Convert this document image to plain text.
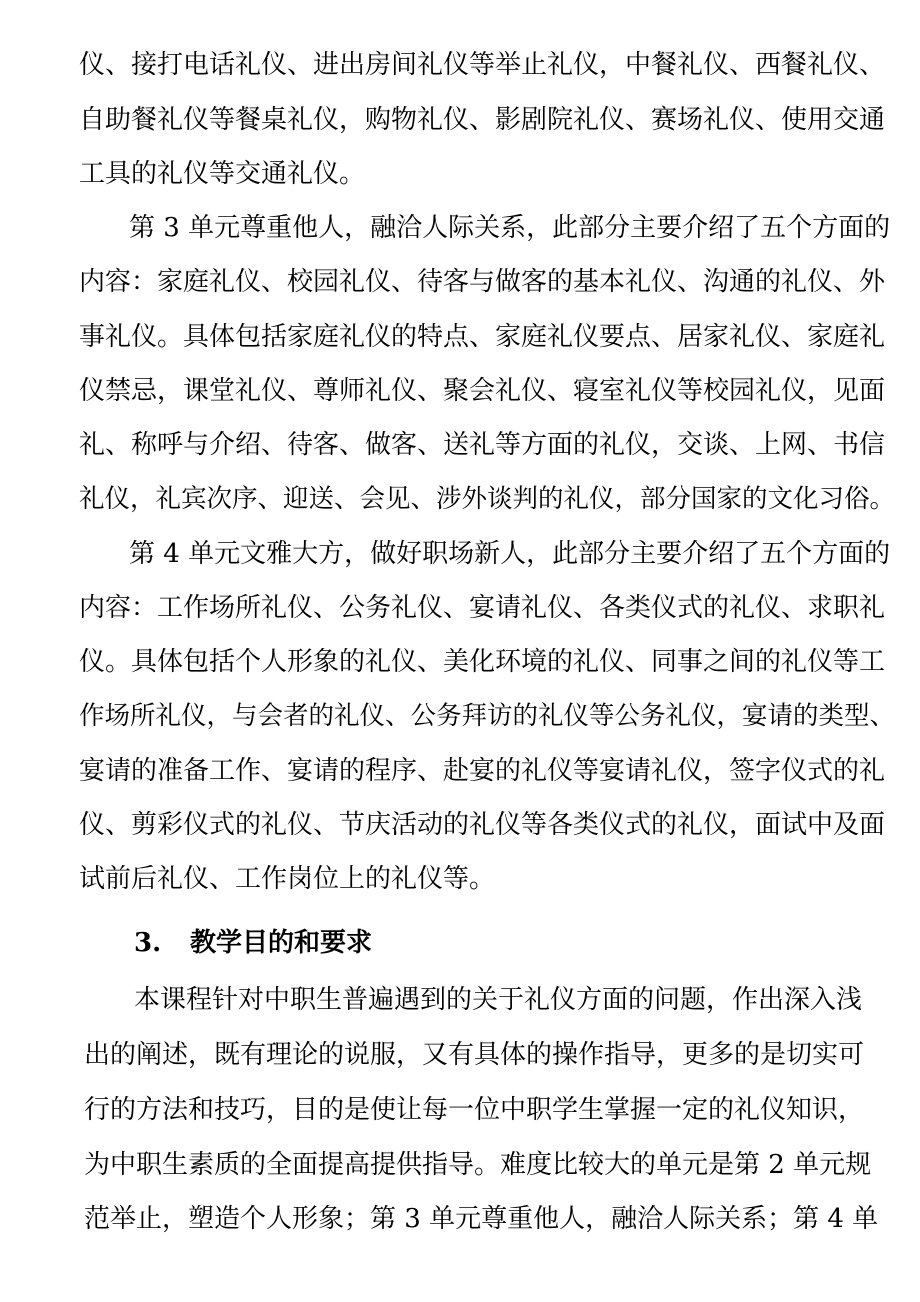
仪、接打电话礼仪、进出房间礼仪等举止礼仪，中餐礼仪、西餐礼仪、
自助餐礼仪等餐桌礼仪，购物礼仪、影剧院礼仪、赛场礼仪、使用交通
工具的礼仪等交通礼仪。
第 3 单元尊重他人，融洽人际关系，此部分主要介绍了五个方面的
内容：家庭礼仪、校园礼仪、待客与做客的基本礼仪、沟通的礼仪、外
事礼仪。具体包括家庭礼仪的特点、家庭礼仪要点、居家礼仪、家庭礼
仪禁忌，课堂礼仪、尊师礼仪、聚会礼仪、寝室礼仪等校园礼仪，见面
礼、称呼与介绍、待客、做客、送礼等方面的礼仪，交谈、上网、书信
礼仪，礼宾次序、迎送、会见、涉外谈判的礼仪，部分国家的文化习俗。
第 4 单元文雅大方，做好职场新人，此部分主要介绍了五个方面的
内容：工作场所礼仪、公务礼仪、宴请礼仪、各类仪式的礼仪、求职礼
仪。具体包括个人形象的礼仪、美化环境的礼仪、同事之间的礼仪等工
作场所礼仪，与会者的礼仪、公务拜访的礼仪等公务礼仪，宴请的类型、
宴请的准备工作、宴请的程序、赴宴的礼仪等宴请礼仪，签字仪式的礼
仪、剪彩仪式的礼仪、节庆活动的礼仪等各类仪式的礼仪，面试中及面
试前后礼仪、工作岗位上的礼仪等。
3. 教学目的和要求
本课程针对中职生普遍遇到的关于礼仪方面的问题，作出深入浅
出的阐述，既有理论的说服，又有具体的操作指导，更多的是切实可
行的方法和技巧，目的是使让每一位中职学生掌握一定的礼仪知识，
为中职生素质的全面提高提供指导。难度比较大的单元是第 2 单元规
范举止，塑造个人形象；第 3 单元尊重他人，融洽人际关系；第 4 单
